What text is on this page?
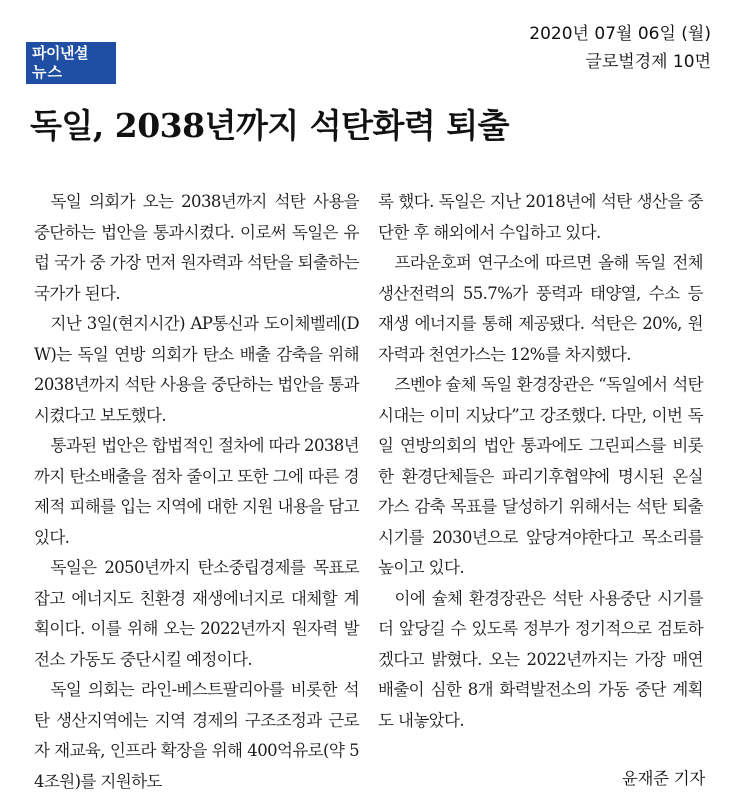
파이낸셜
뉴스
2020년 07월 06일 (월)
글로벌경제 10면
독일, 2038년까지 석탄화력 퇴출

독일 의회가 오는 2038년까지 석탄 사용을 중단하는 법안을 통과시켰다. 이로써 독일은 유럽 국가 중 가장 먼저 원자력과 석탄을 퇴출하는 국가가 된다.

지난 3일(현지시간) AP통신과 도이체벨레(DW)는 독일 연방 의회가 탄소 배출 감축을 위해 2038년까지 석탄 사용을 중단하는 법안을 통과시켰다고 보도했다.

통과된 법안은 합법적인 절차에 따라 2038년까지 탄소배출을 점차 줄이고 또한 그에 따른 경제적 피해를 입는 지역에 대한 지원 내용을 담고 있다.

독일은 2050년까지 탄소중립경제를 목표로 잡고 에너지도 친환경 재생에너지로 대체할 계획이다. 이를 위해 오는 2022년까지 원자력 발전소 가동도 중단시킬 예정이다.

독일 의회는 라인-베스트팔리아를 비롯한 석탄 생산지역에는 지역 경제의 구조조정과 근로자 재교육, 인프라 확장을 위해 400억유로(약 54조원)를 지원하도

록 했다. 독일은 지난 2018년에 석탄 생산을 중단한 후 해외에서 수입하고 있다.

프라운호퍼 연구소에 따르면 올해 독일 전체 생산전력의 55.7%가 풍력과 태양열, 수소 등 재생 에너지를 통해 제공됐다. 석탄은 20%, 원자력과 천연가스는 12%를 차지했다.

즈벤야 슐체 독일 환경장관은 “독일에서 석탄 시대는 이미 지났다”고 강조했다. 다만, 이번 독일 연방의회의 법안 통과에도 그린피스를 비롯한 환경단체들은 파리기후협약에 명시된 온실가스 감축 목표를 달성하기 위해서는 석탄 퇴출시기를 2030년으로 앞당겨야한다고 목소리를 높이고 있다.

이에 슐체 환경장관은 석탄 사용중단 시기를 더 앞당길 수 있도록 정부가 정기적으로 검토하겠다고 밝혔다. 오는 2022년까지는 가장 매연 배출이 심한 8개 화력발전소의 가동 중단 계획도 내놓았다.

윤재준 기자
